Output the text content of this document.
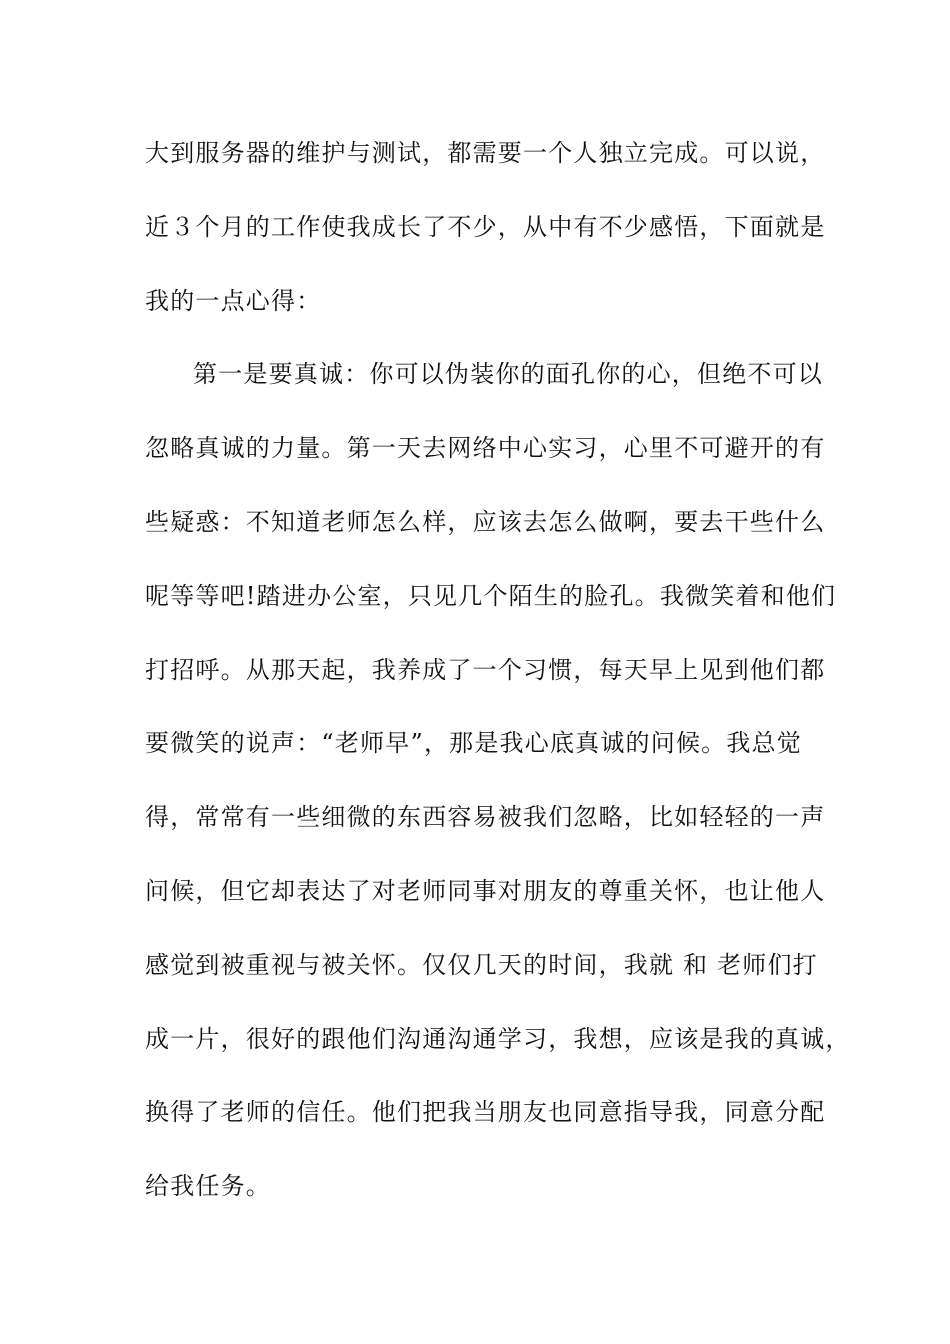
大到服务器的维护与测试，都需要一个人独立完成。可以说，
近３个月的工作使我成长了不少，从中有不少感悟，下面就是
我的一点心得：
第一是要真诚：你可以伪装你的面孔你的心，但绝不可以
忽略真诚的力量。第一天去网络中心实习，心里不可避开的有
些疑惑：不知道老师怎么样，应该去怎么做啊，要去干些什么
呢等等吧!踏进办公室，只见几个陌生的脸孔。我微笑着和他们
打招呼。从那天起，我养成了一个习惯，每天早上见到他们都
要微笑的说声：“老师早”，那是我心底真诚的问候。我总觉
得，常常有一些细微的东西容易被我们忽略，比如轻轻的一声
问候，但它却表达了对老师同事对朋友的尊重关怀，也让他人
感觉到被重视与被关怀。仅仅几天的时间，我就 和 老师们打
成一片，很好的跟他们沟通沟通学习，我想，应该是我的真诚，
换得了老师的信任。他们把我当朋友也同意指导我，同意分配
给我任务。
